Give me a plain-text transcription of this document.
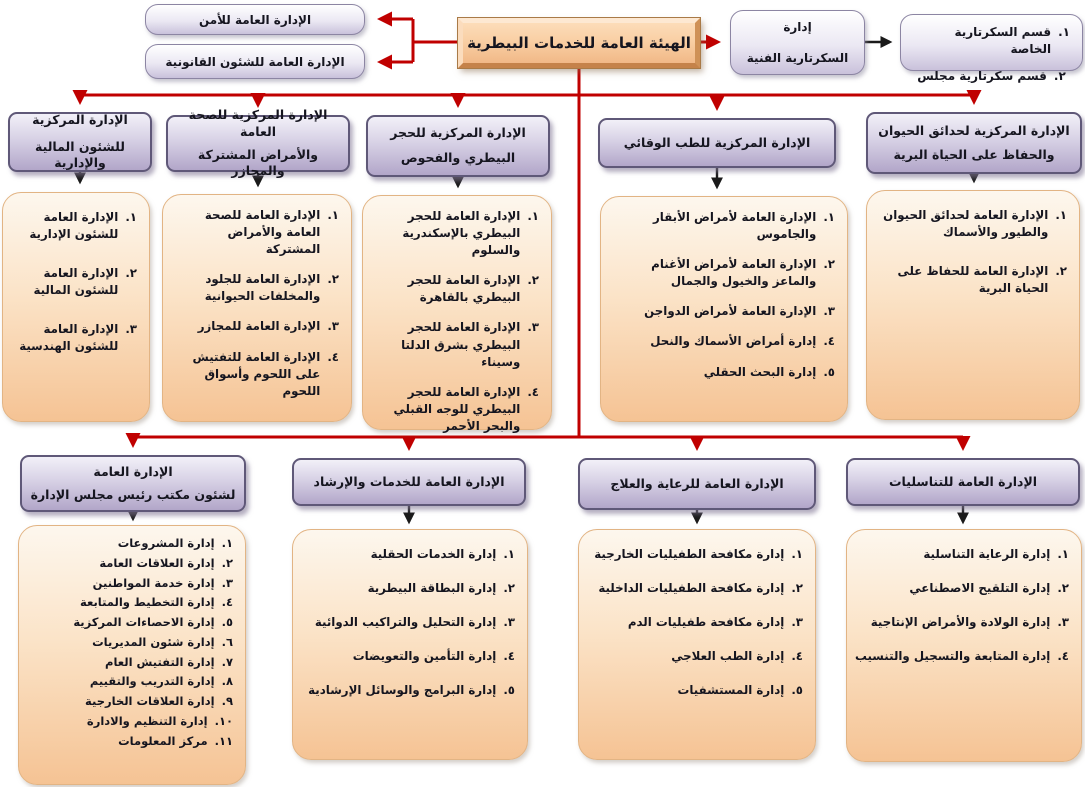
الهيئة العامة للخدمات البيطرية
الإدارة العامة للأمن
الإدارة العامة للشئون القانونية
إدارة
السكرتارية الفنية
١.
قسم السكرتارية الخاصة
٢.
قسم سكرتارية مجلس
الإدارة المركزية
للشئون المالية والإدارية
الإدارة المركزية للصحة العامة
والأمراض المشتركة والمجازر
الإدارة المركزية للحجر
البيطري والفحوص
الإدارة المركزية للطب الوقائي
الإدارة المركزية لحدائق الحيوان
والحفاظ على الحياة البرية
١.
الإدارة العامة للشئون الإدارية
٢.
الإدارة العامة للشئون المالية
٣.
الإدارة العامة للشئون الهندسية
١.
الإدارة العامة للصحة العامة والأمراض المشتركة
٢.
الإدارة العامة للجلود والمخلفات الحيوانية
٣.
الإدارة العامة للمجازر
٤.
الإدارة العامة للتفتيش على اللحوم وأسواق اللحوم
١.
الإدارة العامة للحجر البيطري بالإسكندرية والسلوم
٢.
الإدارة العامة للحجر البيطري بالقاهرة
٣.
الإدارة العامة للحجر البيطري بشرق الدلتا وسيناء
٤.
الإدارة العامة للحجر البيطري للوجه القبلي والبحر الأحمر
١.
الإدارة العامة لأمراض الأبقار والجاموس
٢.
الإدارة العامة لأمراض الأغنام والماعز والخيول والجمال
٣.
الإدارة العامة لأمراض الدواجن
٤.
إدارة أمراض الأسماك والنحل
٥.
إدارة البحث الحقلي
١.
الإدارة العامة لحدائق الحيوان والطيور والأسماك
٢.
الإدارة العامة للحفاظ على الحياة البرية
الإدارة العامة
لشئون مكتب رئيس مجلس الإدارة
الإدارة العامة للخدمات والإرشاد	الإدارة العامة للرعاية والعلاج	الإدارة العامة للتناسليات
١.
إدارة المشروعات
٢.
إدارة العلاقات العامة
٣.
إدارة خدمة المواطنين
٤.
إدارة التخطيط والمتابعة
٥.
إدارة الاحصاءات المركزية
٦.
إدارة شئون المديريات
٧.
إدارة التفتيش العام
٨.
إدارة التدريب والتقييم
٩.
إدارة العلاقات الخارجية
١٠.
إدارة التنظيم والادارة
١١.
مركز المعلومات
١.
إدارة الخدمات الحقلية
٢.
إدارة البطاقة البيطرية
٣.
إدارة التحليل والتراكيب الدوائية
٤.
إدارة التأمين والتعويضات
٥.
إدارة البرامج والوسائل الإرشادية
١.
إدارة مكافحة الطفيليات الخارجية
٢.
إدارة مكافحة الطفيليات الداخلية
٣.
إدارة مكافحة طفيليات الدم
٤.
إدارة الطب العلاجي
٥.
إدارة المستشفيات
١.
إدارة الرعاية التناسلية
٢.
إدارة التلقيح الاصطناعي
٣.
إدارة الولادة والأمراض الإنتاجية
٤.
إدارة المتابعة والتسجيل والتنسيب
